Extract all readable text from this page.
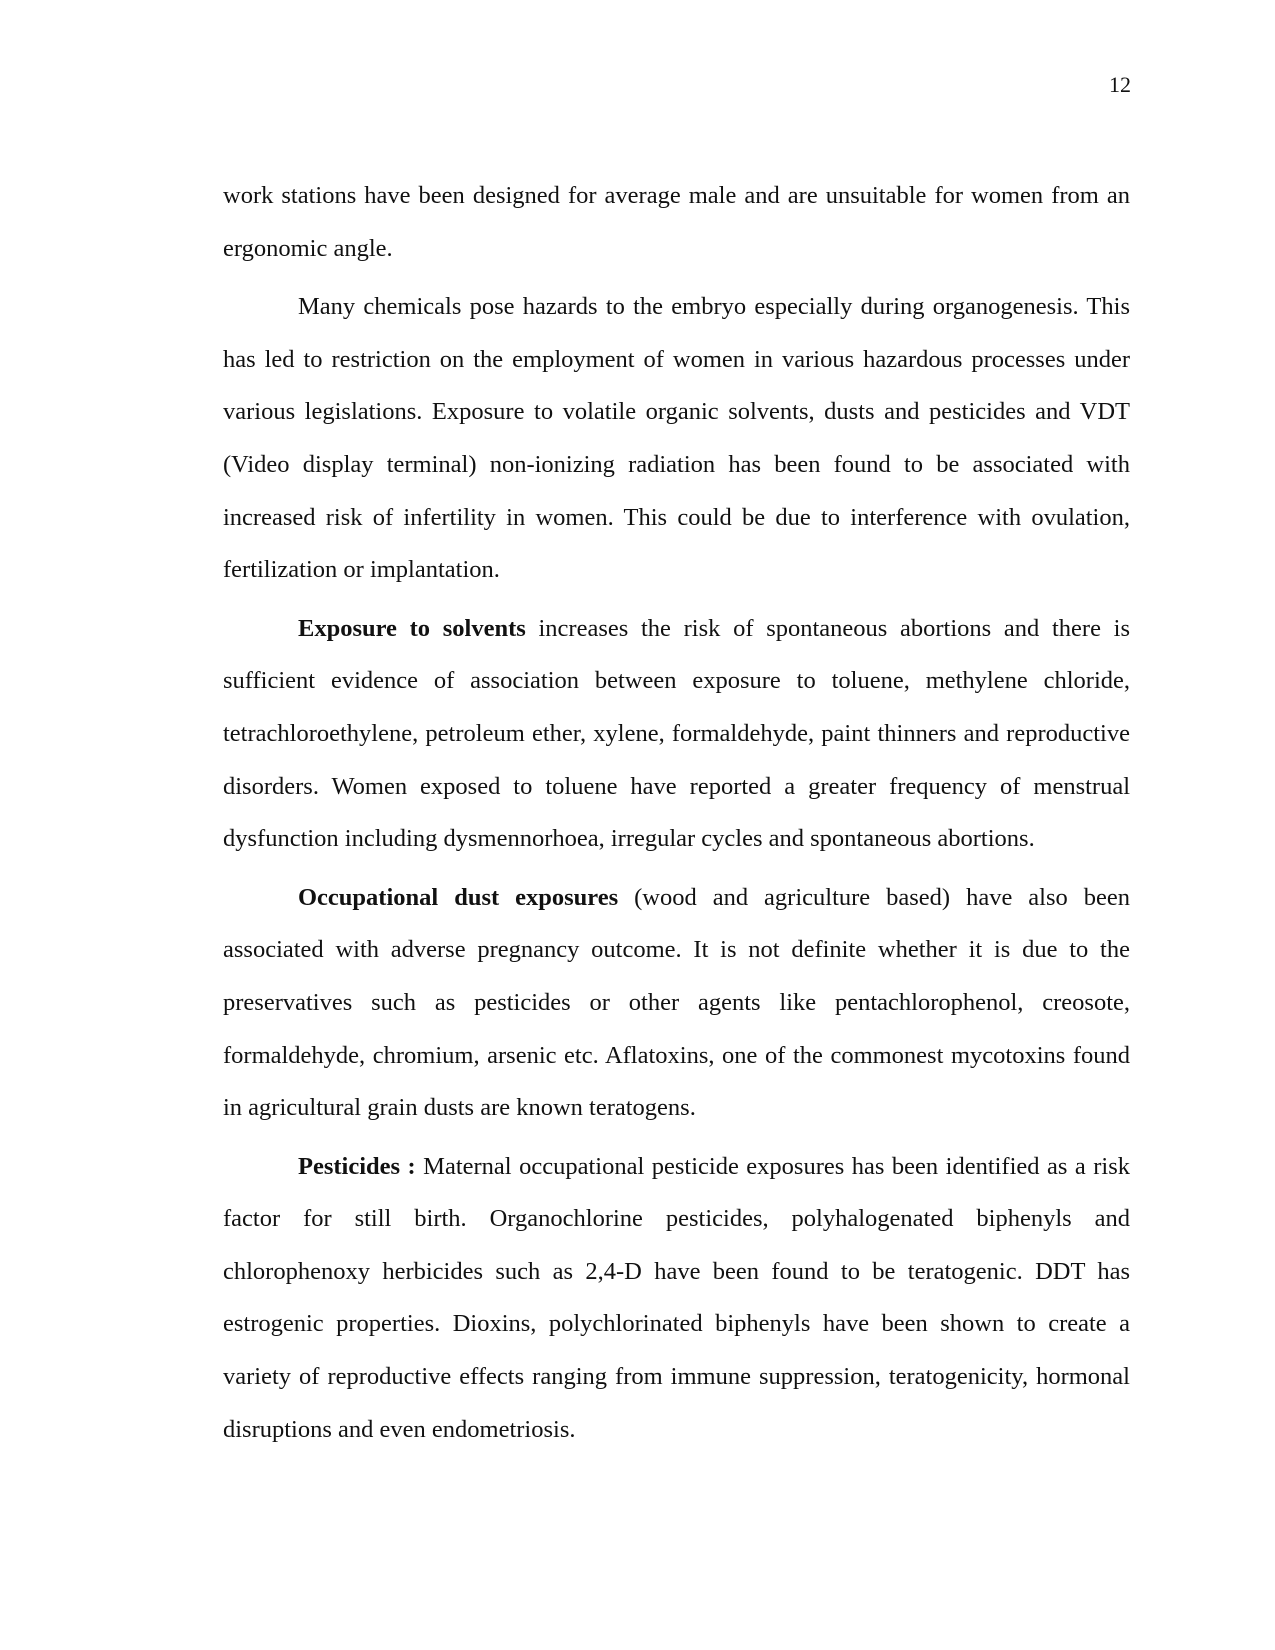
12

work stations have been designed for average male and are unsuitable for women from an ergonomic angle.

Many chemicals pose hazards to the embryo especially during organogenesis. This has led to restriction on the employment of women in various hazardous processes under various legislations. Exposure to volatile organic solvents, dusts and pesticides and VDT (Video display terminal) non-ionizing radiation has been found to be associated with increased risk of infertility in women. This could be due to interference with ovulation, fertilization or implantation.

Exposure to solvents increases the risk of spontaneous abortions and there is sufficient evidence of association between exposure to toluene, methylene chloride, tetrachloroethylene, petroleum ether, xylene, formaldehyde, paint thinners and reproductive disorders. Women exposed to toluene have reported a greater frequency of menstrual dysfunction including dysmennorhoea, irregular cycles and spontaneous abortions.

Occupational dust exposures (wood and agriculture based) have also been associated with adverse pregnancy outcome. It is not definite whether it is due to the preservatives such as pesticides or other agents like pentachlorophenol, creosote, formaldehyde, chromium, arsenic etc. Aflatoxins, one of the commonest mycotoxins found in agricultural grain dusts are known teratogens.

Pesticides : Maternal occupational pesticide exposures has been identified as a risk factor for still birth. Organochlorine pesticides, polyhalogenated biphenyls and chlorophenoxy herbicides such as 2,4-D have been found to be teratogenic. DDT has estrogenic properties. Dioxins, polychlorinated biphenyls have been shown to create a variety of reproductive effects ranging from immune suppression, teratogenicity, hormonal disruptions and even endometriosis.
